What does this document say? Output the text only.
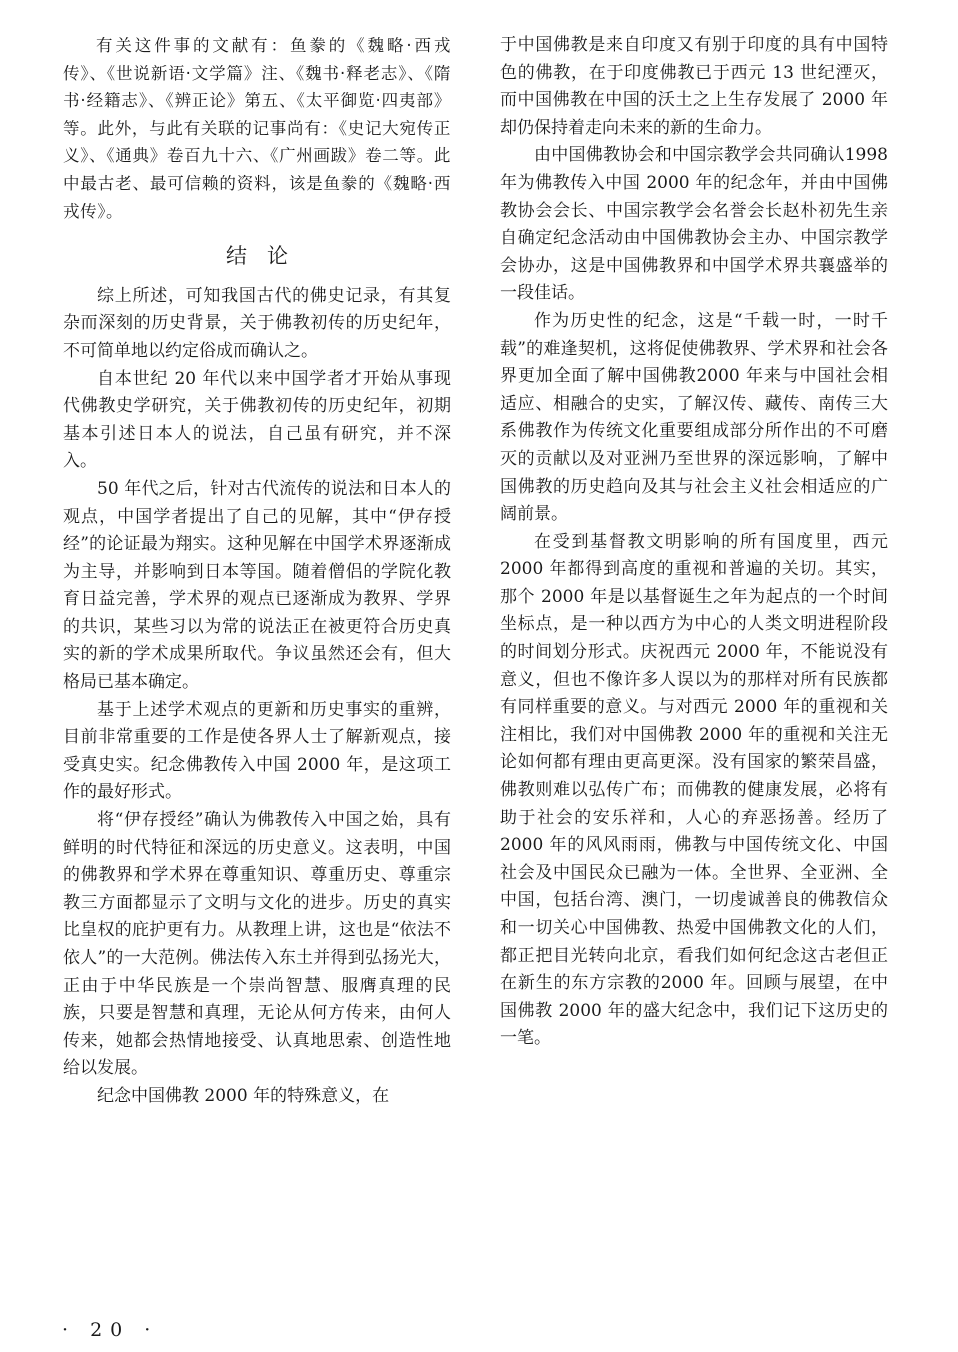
有关这件事的文献有：鱼豢的《魏略·西戎传》、《世说新语·文学篇》注、《魏书·释老志》、《隋书·经籍志》、《辨正论》第五、《太平御览·四夷部》等。此外，与此有关联的记事尚有：《史记大宛传正义》、《通典》卷百九十六、《广州画跋》卷二等。此中最古老、最可信赖的资料，该是鱼豢的《魏略·西戎传》。

结论

综上所述，可知我国古代的佛史记录，有其复杂而深刻的历史背景，关于佛教初传的历史纪年，不可简单地以约定俗成而确认之。

自本世纪 20 年代以来中国学者才开始从事现代佛教史学研究，关于佛教初传的历史纪年，初期基本引述日本人的说法，自己虽有研究，并不深入。

50 年代之后，针对古代流传的说法和日本人的观点，中国学者提出了自己的见解，其中“伊存授经”的论证最为翔实。这种见解在中国学术界逐渐成为主导，并影响到日本等国。随着僧侣的学院化教育日益完善，学术界的观点已逐渐成为教界、学界的共识，某些习以为常的说法正在被更符合历史真实的新的学术成果所取代。争议虽然还会有，但大格局已基本确定。

基于上述学术观点的更新和历史事实的重辨，目前非常重要的工作是使各界人士了解新观点，接受真史实。纪念佛教传入中国 2000 年，是这项工作的最好形式。

将“伊存授经”确认为佛教传入中国之始，具有鲜明的时代特征和深远的历史意义。这表明，中国的佛教界和学术界在尊重知识、尊重历史、尊重宗教三方面都显示了文明与文化的进步。历史的真实比皇权的庇护更有力。从教理上讲，这也是“依法不依人”的一大范例。佛法传入东土并得到弘扬光大，正由于中华民族是一个崇尚智慧、服膺真理的民族，只要是智慧和真理，无论从何方传来，由何人传来，她都会热情地接受、认真地思索、创造性地给以发展。

纪念中国佛教 2000 年的特殊意义，在

于中国佛教是来自印度又有别于印度的具有中国特色的佛教，在于印度佛教已于西元 13 世纪湮灭，而中国佛教在中国的沃土之上生存发展了 2000 年却仍保持着走向未来的新的生命力。

由中国佛教协会和中国宗教学会共同确认1998 年为佛教传入中国 2000 年的纪念年，并由中国佛教协会会长、中国宗教学会名誉会长赵朴初先生亲自确定纪念活动由中国佛教协会主办、中国宗教学会协办，这是中国佛教界和中国学术界共襄盛举的一段佳话。

作为历史性的纪念，这是“千载一时，一时千载”的难逢契机，这将促使佛教界、学术界和社会各界更加全面了解中国佛教2000 年来与中国社会相适应、相融合的史实，了解汉传、藏传、南传三大系佛教作为传统文化重要组成部分所作出的不可磨灭的贡献以及对亚洲乃至世界的深远影响，了解中国佛教的历史趋向及其与社会主义社会相适应的广阔前景。

在受到基督教文明影响的所有国度里，西元 2000 年都得到高度的重视和普遍的关切。其实，那个 2000 年是以基督诞生之年为起点的一个时间坐标点，是一种以西方为中心的人类文明进程阶段的时间划分形式。庆祝西元 2000 年，不能说没有意义，但也不像许多人误以为的那样对所有民族都有同样重要的意义。与对西元 2000 年的重视和关注相比，我们对中国佛教 2000 年的重视和关注无论如何都有理由更高更深。没有国家的繁荣昌盛，佛教则难以弘传广布；而佛教的健康发展，必将有助于社会的安乐祥和，人心的弃恶扬善。经历了 2000 年的风风雨雨，佛教与中国传统文化、中国社会及中国民众已融为一体。全世界、全亚洲、全中国，包括台湾、澳门，一切虔诚善良的佛教信众和一切关心中国佛教、热爱中国佛教文化的人们，都正把目光转向北京，看我们如何纪念这古老但正在新生的东方宗教的2000 年。回顾与展望，在中国佛教 2000 年的盛大纪念中，我们记下这历史的一笔。

· 20 ·
